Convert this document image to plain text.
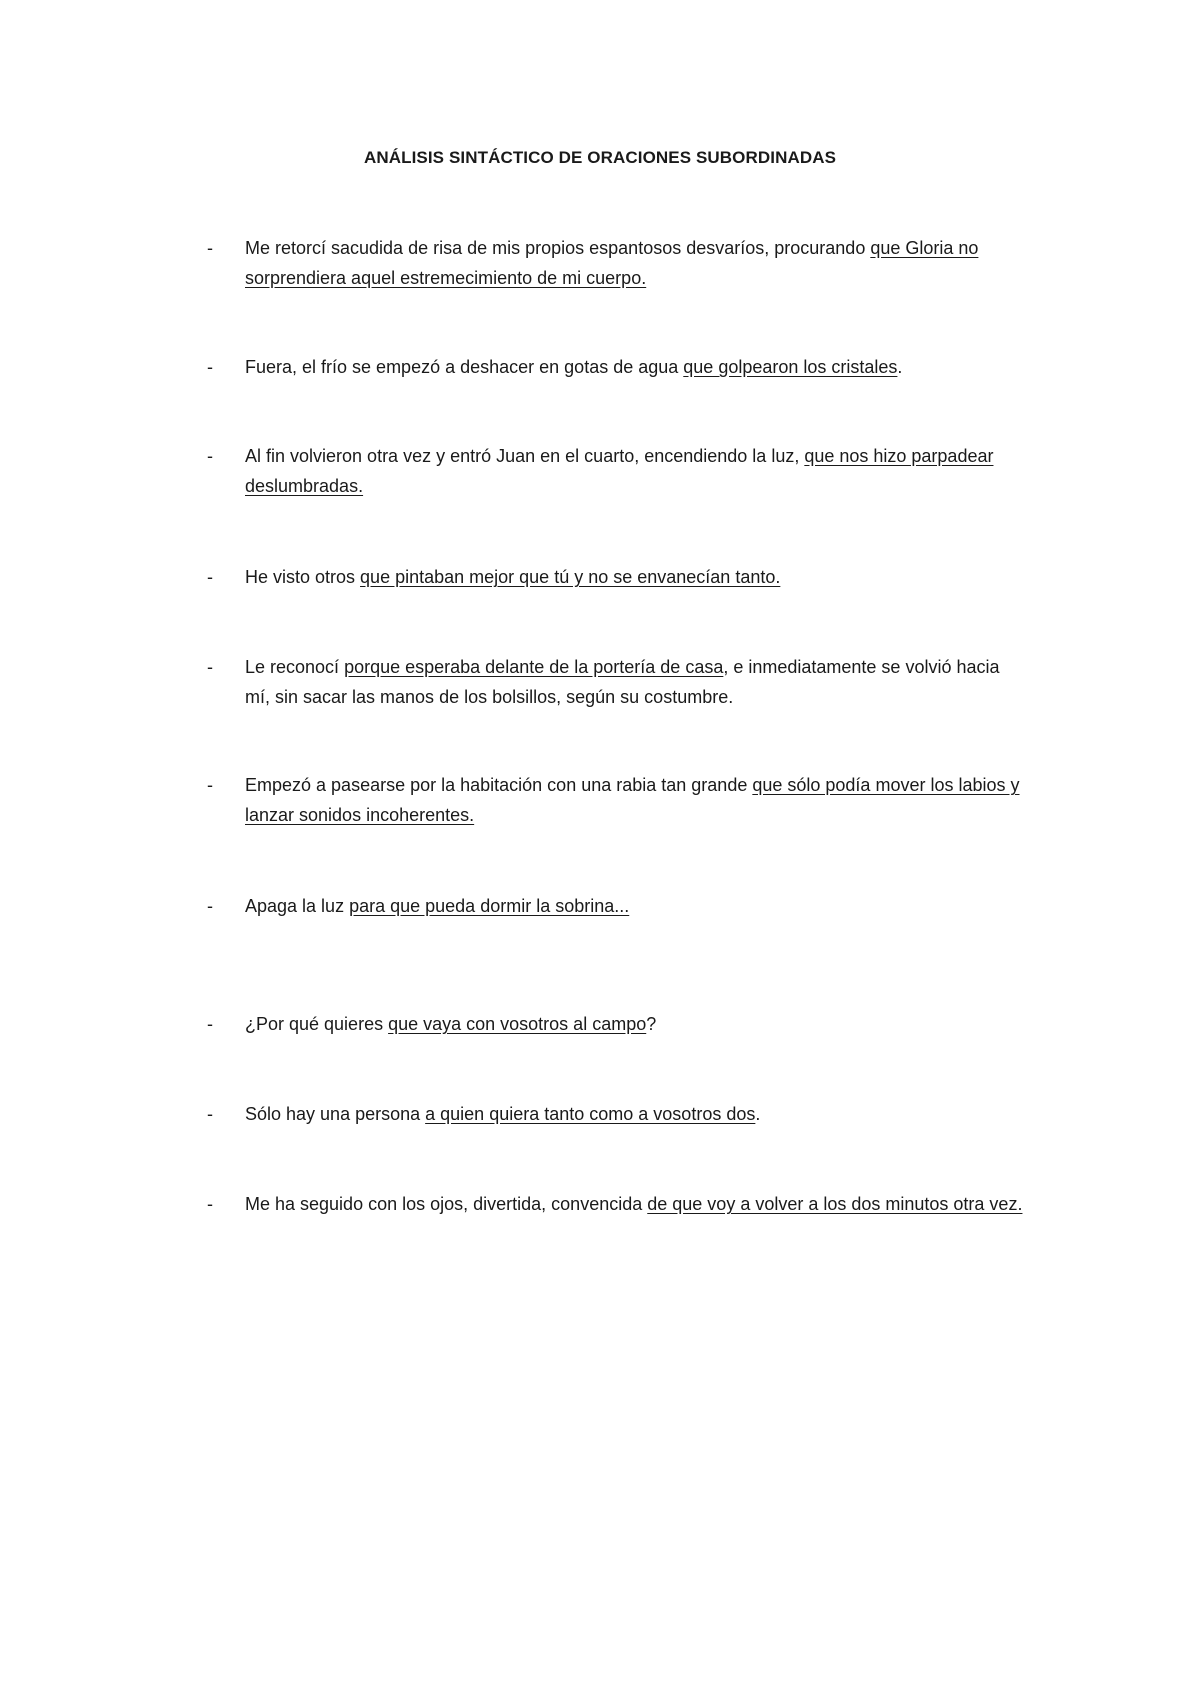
ANÁLISIS SINTÁCTICO DE ORACIONES SUBORDINADAS
-	Me retorcí sacudida de risa de mis propios espantosos desvaríos, procurando que Gloria no sorprendiera aquel estremecimiento de mi cuerpo.
-	Fuera, el frío se empezó a deshacer en gotas de agua que golpearon los cristales.
-	Al fin volvieron otra vez y entró Juan en el cuarto, encendiendo la luz, que nos hizo parpadear deslumbradas.
-	He visto otros que pintaban mejor que tú y no se envanecían tanto.
-	Le reconocí porque esperaba delante de la portería de casa, e inmediatamente se volvió hacia mí, sin sacar las manos de los bolsillos, según su costumbre.
-	Empezó a pasearse por la habitación con una rabia tan grande que sólo podía mover los labios y lanzar sonidos incoherentes.
-	Apaga la luz para que pueda dormir la sobrina...
-	¿Por qué quieres que vaya con vosotros al campo?
-	Sólo hay una persona a quien quiera tanto como a vosotros dos.
-	Me ha seguido con los ojos, divertida, convencida de que voy a volver a los dos minutos otra vez.
